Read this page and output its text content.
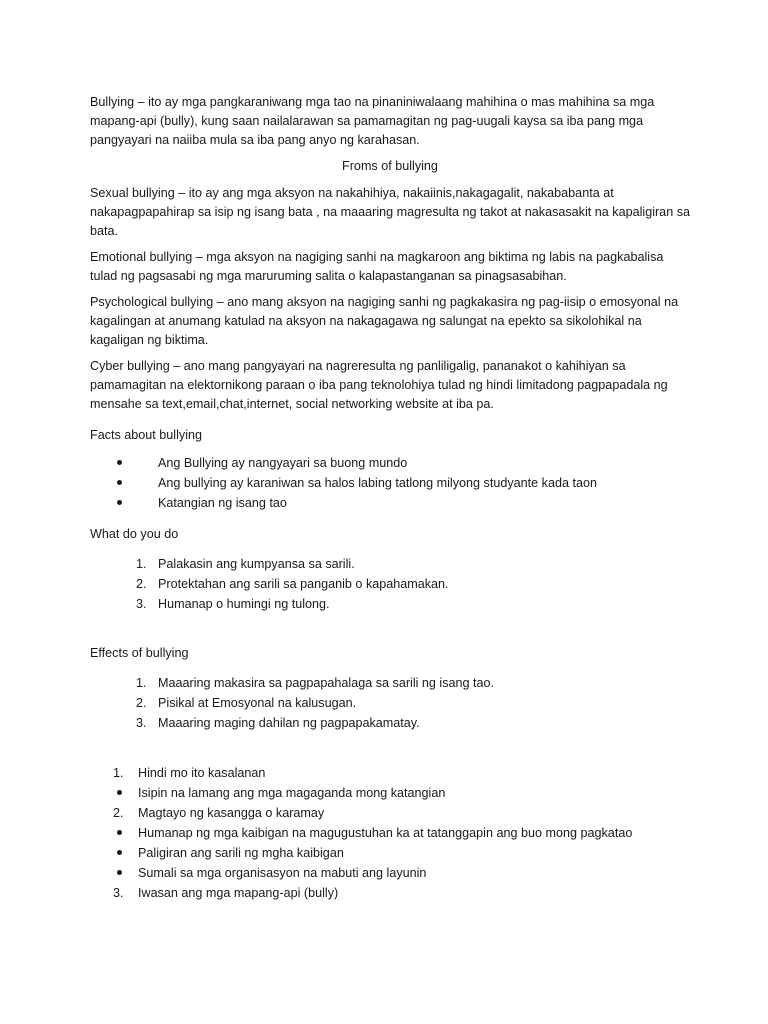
Bullying – ito ay mga pangkaraniwang mga tao na pinaniniwalaang mahihina o mas mahihina sa mga mapang-api (bully), kung saan nailalarawan sa pamamagitan ng pag-uugali kaysa sa iba pang mga pangyayari na naiiba mula sa iba pang anyo ng karahasan.

Froms of bullying

Sexual bullying – ito ay ang mga aksyon na nakahihiya, nakaiinis,nakagagalit, nakababanta at nakapagpapahirap sa isip ng isang bata , na maaaring magresulta ng takot at nakasasakit na kapaligiran sa bata.

Emotional bullying – mga aksyon na nagiging sanhi na magkaroon ang biktima ng labis na pagkabalisa tulad ng pagsasabi ng mga maruruming salita o kalapastanganan sa pinagsasabihan.

Psychological bullying – ano mang aksyon na nagiging sanhi ng pagkakasira ng pag-iisip o emosyonal na kagalingan at anumang katulad na aksyon na nakagagawa ng salungat na epekto sa sikolohikal na kagaligan ng biktima.

Cyber bullying – ano mang pangyayari na nagreresulta ng panliligalig, pananakot o kahihiyan sa pamamagitan na elektornikong paraan o iba pang teknolohiya tulad ng hindi limitadong pagpapadala ng mensahe sa text,email,chat,internet, social networking website at iba pa.

Facts about bullying

Ang Bullying ay nangyayari sa buong mundo
Ang bullying ay karaniwan sa halos labing tatlong milyong studyante kada taon
Katangian ng isang tao

What do you do

1. Palakasin ang kumpyansa sa sarili.
2. Protektahan ang sarili sa panganib o kapahamakan.
3. Humanap o humingi ng tulong.

Effects of bullying

1. Maaaring makasira sa pagpapahalaga sa sarili ng isang tao.
2. Pisikal at Emosyonal na kalusugan.
3. Maaaring maging dahilan ng pagpapakamatay.
1.	Hindi mo ito kasalanan
Isipin na lamang ang mga magaganda mong katangian
2.	Magtayo ng kasangga o karamay
Humanap ng mga kaibigan na magugustuhan ka at tatanggapin ang buo mong pagkatao
Paligiran ang sarili ng mgha kaibigan
Sumali sa mga organisasyon na mabuti ang layunin
3.	Iwasan ang mga mapang-api (bully)
